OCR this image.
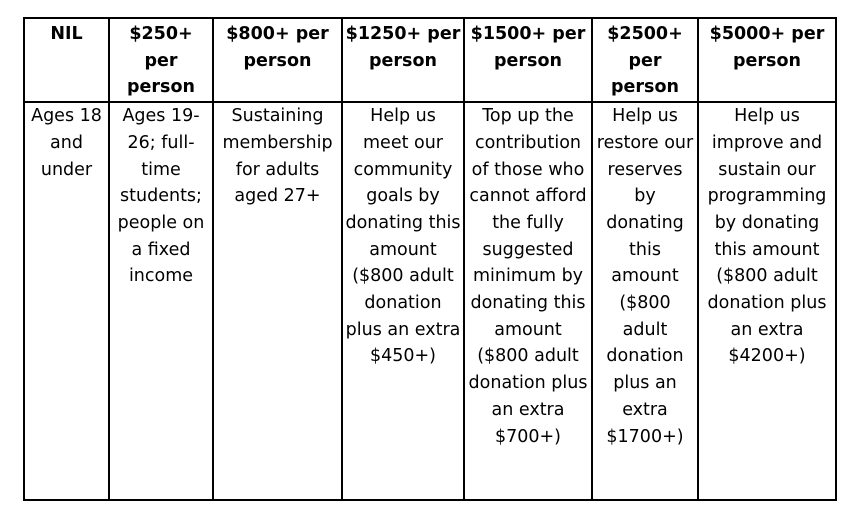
NIL	$250+ per person	$800+ per person	$1250+ per person	$1500+ per person	$2500+ per person	$5000+ per person
Ages 18 and under	Ages 19-26; full-time students; people on a fixed income	Sustaining membership for adults aged 27+	Help us meet our community goals by donating this amount ($800 adult donation plus an extra $450+)	Top up the contribution of those who cannot afford the fully suggested minimum by donating this amount ($800 adult donation plus an extra $700+)	Help us restore our reserves by donating this amount ($800 adult donation plus an extra $1700+)	Help us improve and sustain our programming by donating this amount ($800 adult donation plus an extra $4200+)
